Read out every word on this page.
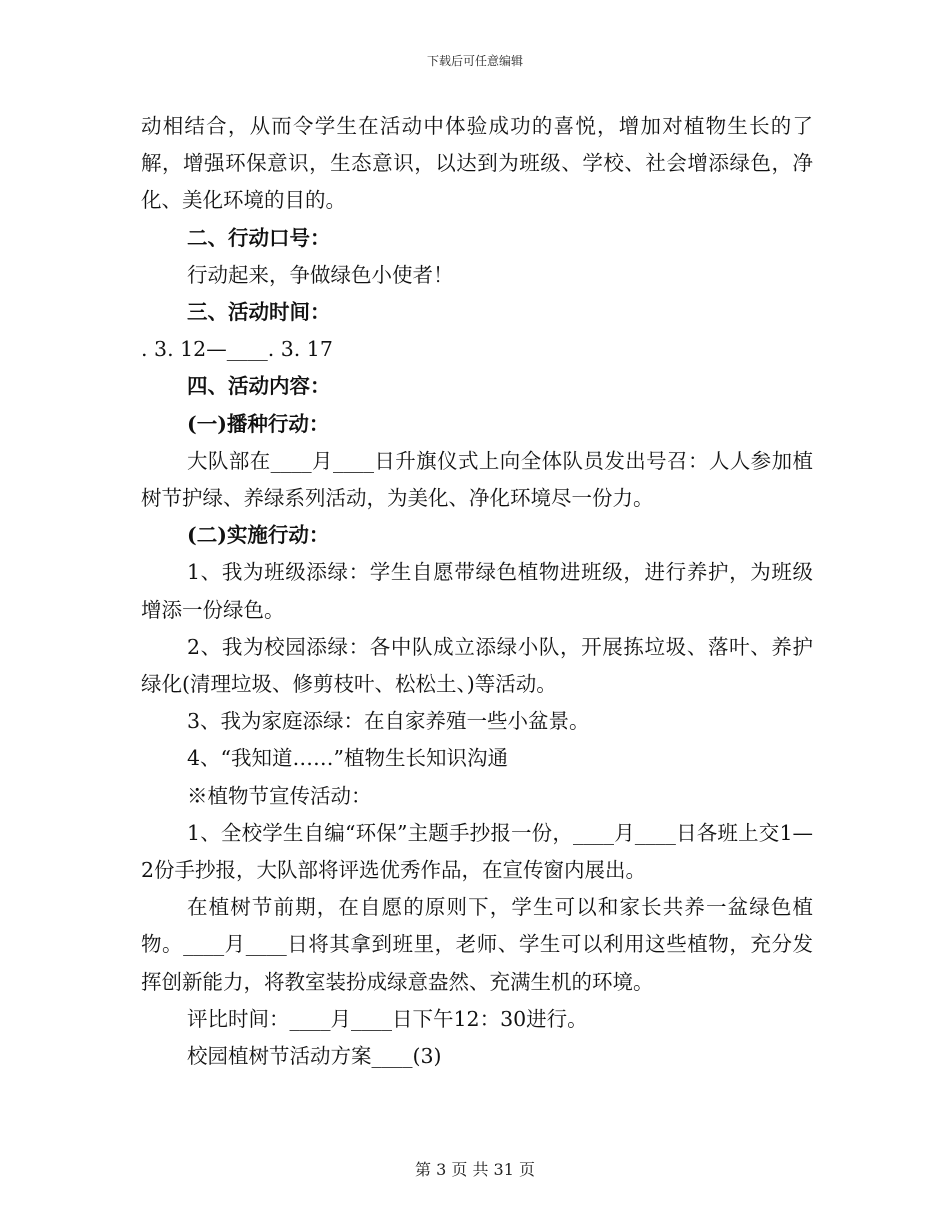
下载后可任意编辑

动相结合，从而令学生在活动中体验成功的喜悦，增加对植物生长的了解，增强环保意识，生态意识，以达到为班级、学校、社会增添绿色，净化、美化环境的目的。

二、行动口号：

行动起来，争做绿色小使者！

三、活动时间：

. 3. 12—____. 3. 17

四、活动内容：

(一)播种行动：

大队部在____月____日升旗仪式上向全体队员发出号召：人人参加植树节护绿、养绿系列活动，为美化、净化环境尽一份力。

(二)实施行动：

1、我为班级添绿：学生自愿带绿色植物进班级，进行养护，为班级增添一份绿色。

2、我为校园添绿：各中队成立添绿小队，开展拣垃圾、落叶、养护绿化(清理垃圾、修剪枝叶、松松土、)等活动。

3、我为家庭添绿：在自家养殖一些小盆景。

4、“我知道……”植物生长知识沟通

※植物节宣传活动：

1、全校学生自编“环保”主题手抄报一份，____月____日各班上交1—2份手抄报，大队部将评选优秀作品，在宣传窗内展出。

在植树节前期，在自愿的原则下，学生可以和家长共养一盆绿色植物。____月____日将其拿到班里，老师、学生可以利用这些植物，充分发挥创新能力，将教室装扮成绿意盎然、充满生机的环境。

评比时间：____月____日下午12：30进行。

校园植树节活动方案____(3)

第 3 页 共 31 页
